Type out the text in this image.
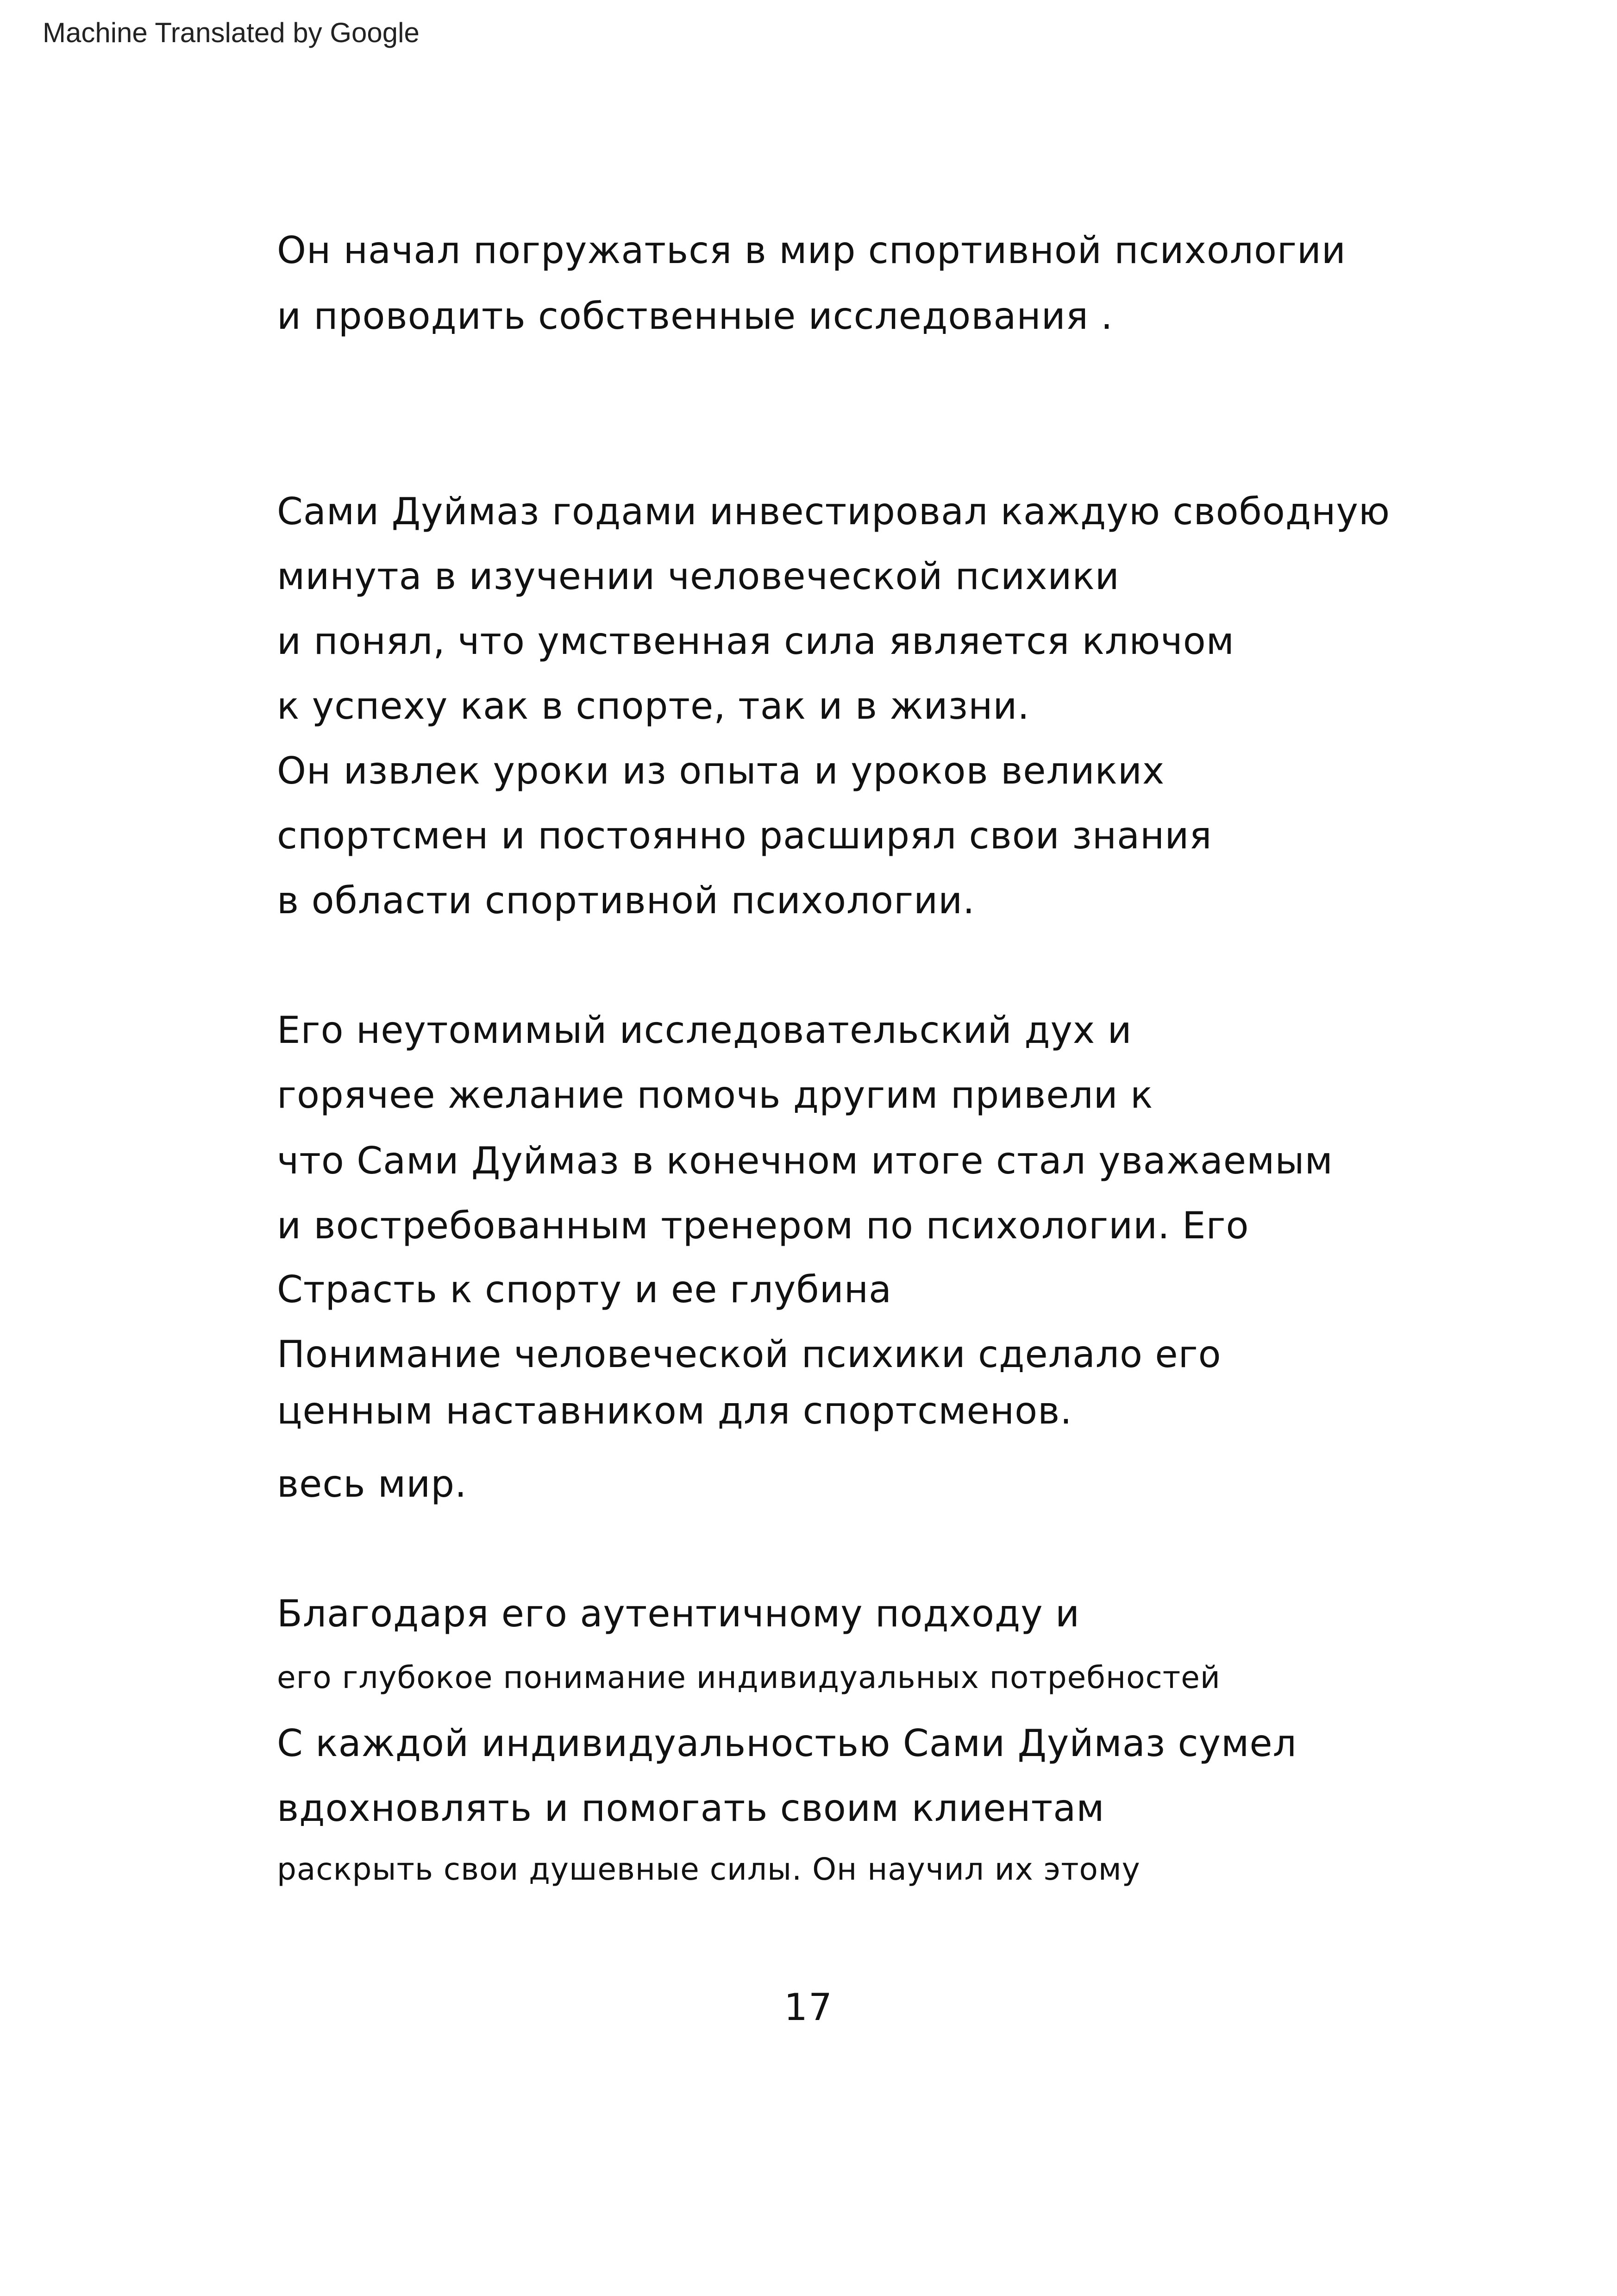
Machine Translated by Google
Он начал погружаться в мир спортивной психологии
и проводить собственные исследования .
Сами Дуймаз годами инвестировал каждую свободную
минута в изучении человеческой психики
и понял, что умственная сила является ключом
к успеху как в спорте, так и в жизни.
Он извлек уроки из опыта и уроков великих
спортсмен и постоянно расширял свои знания
в области спортивной психологии.
Его неутомимый исследовательский дух и
горячее желание помочь другим привели к
что Сами Дуймаз в конечном итоге стал уважаемым
и востребованным тренером по психологии. Его
Страсть к спорту и ее глубина
Понимание человеческой психики сделало его
ценным наставником для спортсменов.
весь мир.
Благодаря его аутентичному подходу и
его глубокое понимание индивидуальных потребностей
С каждой индивидуальностью Сами Дуймаз сумел
вдохновлять и помогать своим клиентам
раскрыть свои душевные силы. Он научил их этому
17
